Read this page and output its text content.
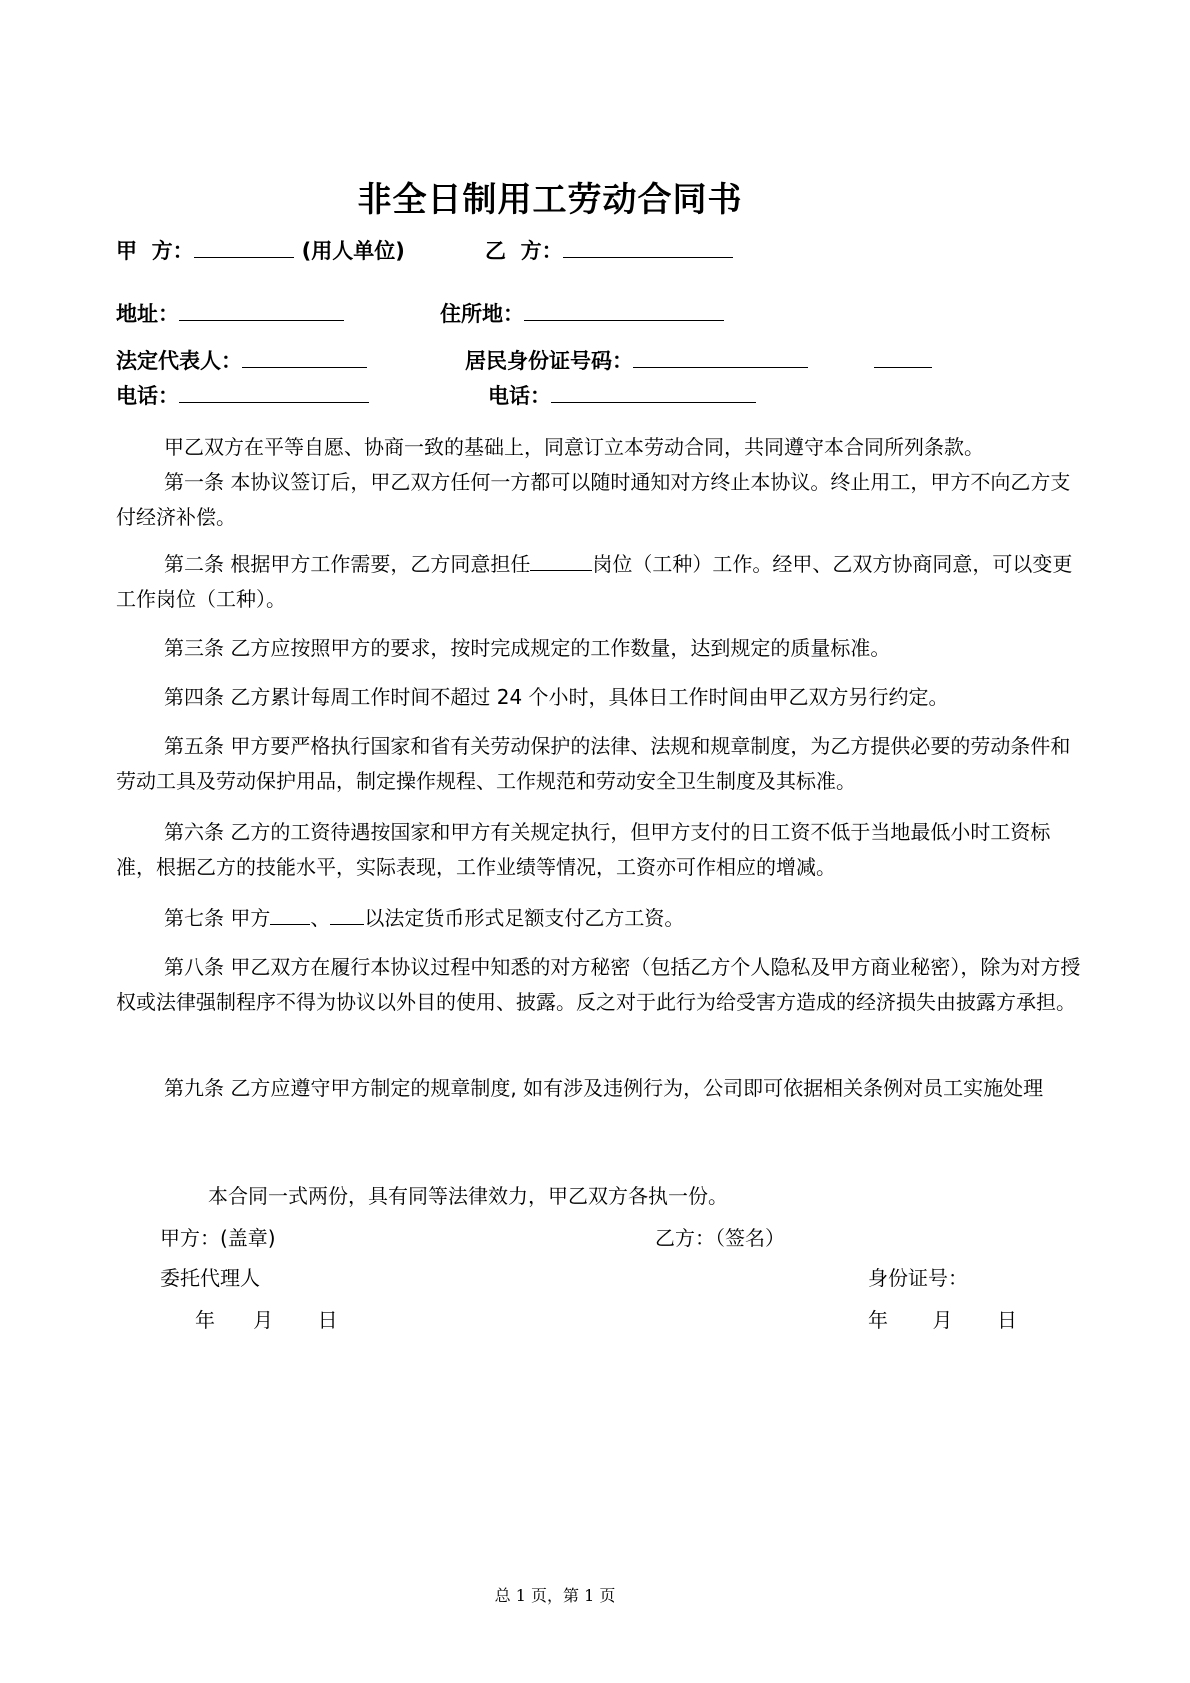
非全日制用工劳动合同书
甲  方：	(用人单位)	乙  方：
地址：	住所地：
法定代表人：	居民身份证号码：
电话：	电话：
甲乙双方在平等自愿、协商一致的基础上，同意订立本劳动合同，共同遵守本合同所列条款。
第一条 本协议签订后，甲乙双方任何一方都可以随时通知对方终止本协议。终止用工，甲方不向乙方支付经济补偿。
第二条 根据甲方工作需要，乙方同意担任	岗位（工种）工作。经甲、乙双方协商同意，可以变更工作岗位（工种）。
第三条 乙方应按照甲方的要求，按时完成规定的工作数量，达到规定的质量标准。
第四条 乙方累计每周工作时间不超过 24 个小时，具体日工作时间由甲乙双方另行约定。
第五条 甲方要严格执行国家和省有关劳动保护的法律、法规和规章制度，为乙方提供必要的劳动条件和劳动工具及劳动保护用品，制定操作规程、工作规范和劳动安全卫生制度及其标准。
第六条 乙方的工资待遇按国家和甲方有关规定执行，但甲方支付的日工资不低于当地最低小时工资标准，根据乙方的技能水平，实际表现，工作业绩等情况，工资亦可作相应的增减。
第七条 甲方 、 以法定货币形式足额支付乙方工资。
第八条 甲乙双方在履行本协议过程中知悉的对方秘密（包括乙方个人隐私及甲方商业秘密），除为对方授权或法律强制程序不得为协议以外目的使用、披露。反之对于此行为给受害方造成的经济损失由披露方承担。
第九条 乙方应遵守甲方制定的规章制度, 如有涉及违例行为，公司即可依据相关条例对员工实施处理
本合同一式两份，具有同等法律效力，甲乙双方各执一份。
甲方：(盖章)	乙方：（签名）
委托代理人	身份证号：
年      月       日	年       月       日
总 1 页，第 1 页
